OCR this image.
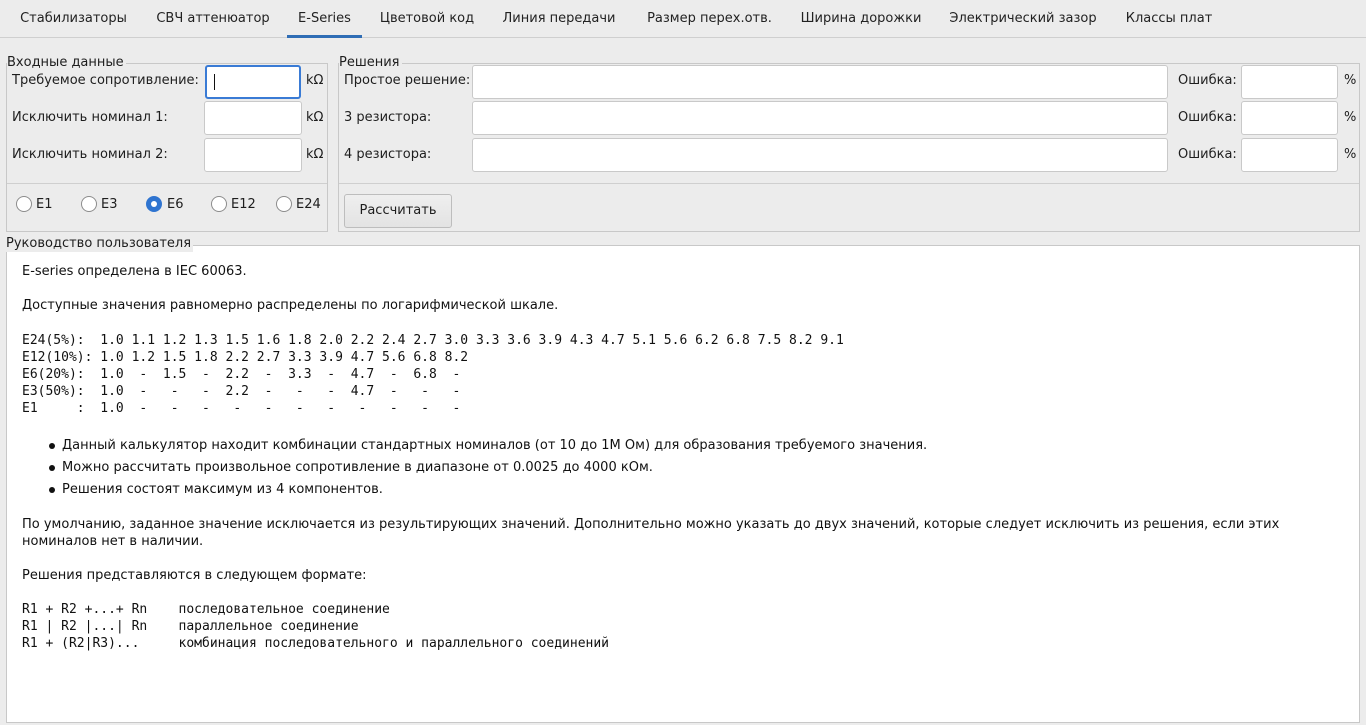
Стабилизаторы	СВЧ аттенюатор	E-Series	Цветовой код	Линия передачи	Размер перех.отв.	Ширина дорожки	Электрический зазор	Классы плат
Входные данные
Требуемое сопротивление:	kΩ
Исключить номинал 1:	kΩ
Исключить номинал 2:	kΩ
E1	E3	E6	E12	E24
Решения
Простое решение:	Ошибка:	%
3 резистора:	Ошибка:	%
4 резистора:	Ошибка:	%
Рассчитать
Руководство пользователя
E-series определена в IEC 60063.
Доступные значения равномерно распределены по логарифмической шкале.
E24(5%):  1.0 1.1 1.2 1.3 1.5 1.6 1.8 2.0 2.2 2.4 2.7 3.0 3.3 3.6 3.9 4.3 4.7 5.1 5.6 6.2 6.8 7.5 8.2 9.1
E12(10%): 1.0 1.2 1.5 1.8 2.2 2.7 3.3 3.9 4.7 5.6 6.8 8.2
E6(20%):  1.0  -  1.5  -  2.2  -  3.3  -  4.7  -  6.8  -
E3(50%):  1.0  -   -   -  2.2  -   -   -  4.7  -   -   -
E1     :  1.0  -   -   -   -   -   -   -   -   -   -   -
Данный калькулятор находит комбинации стандартных номиналов (от 10 до 1M Ом) для образования требуемого значения.
Можно рассчитать произвольное сопротивление в диапазоне от 0.0025 до 4000 кОм.
Решения состоят максимум из 4 компонентов.
По умолчанию, заданное значение исключается из результирующих значений. Дополнительно можно указать до двух значений, которые следует исключить из решения, если этих
номиналов нет в наличии.
Решения представляются в следующем формате:
R1 + R2 +...+ Rn    последовательное соединение
R1 | R2 |...| Rn    параллельное соединение
R1 + (R2|R3)...     комбинация последовательного и параллельного соединений
